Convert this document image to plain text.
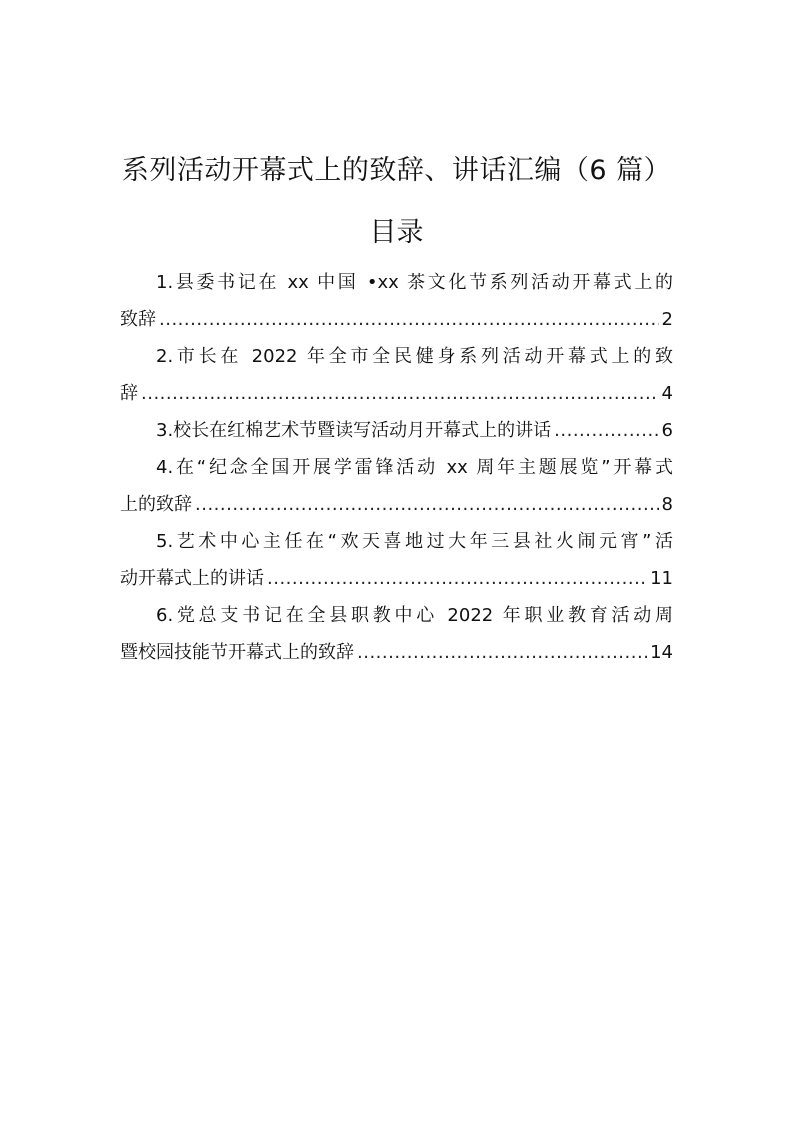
系列活动开幕式上的致辞、讲话汇编（6 篇）
目录
1.县委书记在 xx 中国 •xx 茶文化节系列活动开幕式上的
致辞 .....	2
2.市长在 2022 年全市全民健身系列活动开幕式上的致
辞 .....	4
3.校长在红棉艺术节暨读写活动月开幕式上的讲话 .....	6
4.在“纪念全国开展学雷锋活动 xx 周年主题展览”开幕式
上的致辞 .....	8
5.艺术中心主任在“欢天喜地过大年三县社火闹元宵”活
动开幕式上的讲话 .....	11
6.党总支书记在全县职教中心 2022 年职业教育活动周
暨校园技能节开幕式上的致辞 .....	14
